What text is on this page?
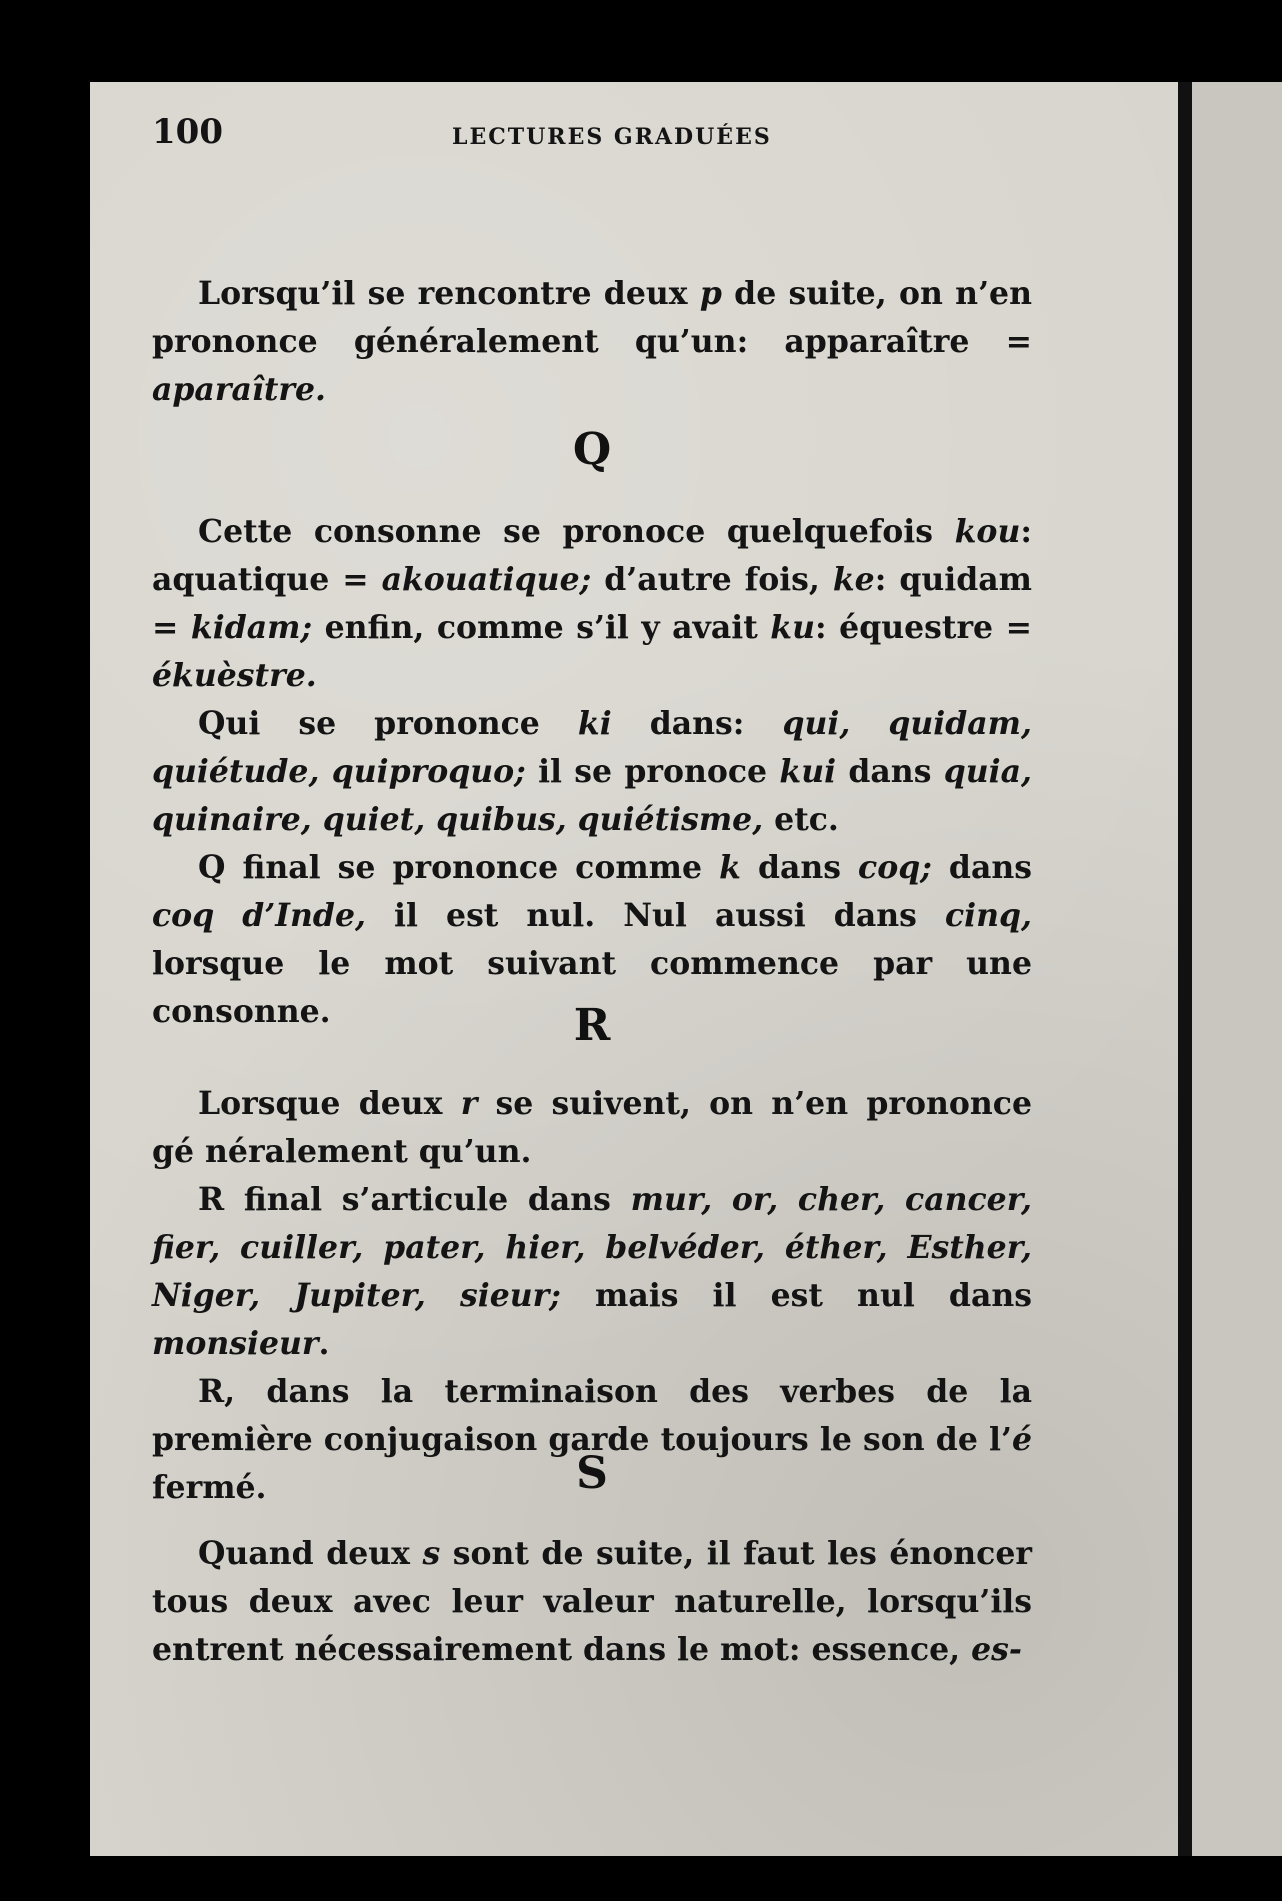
100	LECTURES GRADUÉES

Lorsqu’il se rencontre deux p de suite, on n’en prononce généralement qu’un: apparaître = aparaître.

Q

Cette consonne se pronoce quelquefois kou: aquatique = akouatique; d’autre fois, ke: quidam = kidam; enfin, comme s’il y avait ku: équestre = ékuèstre.

Qui se prononce ki dans: qui, quidam, quiétude, quiproquo; il se pronoce kui dans quia, quinaire, quiet, quibus, quiétisme, etc.

Q final se prononce comme k dans coq; dans coq d’Inde, il est nul. Nul aussi dans cinq, lorsque le mot suivant commence par une consonne.	R

Lorsque deux r se suivent, on n’en prononce gé néralement qu’un.

R final s’articule dans mur, or, cher, cancer, fier, cuiller, pater, hier, belvéder, éther, Esther, Niger, Jupiter, sieur; mais il est nul dans monsieur.

R, dans la terminaison des verbes de la première conjugaison garde toujours le son de l’é fermé.	S

Quand deux s sont de suite, il faut les énoncer tous deux avec leur valeur naturelle, lorsqu’ils entrent nécessairement dans le mot: essence, es-
